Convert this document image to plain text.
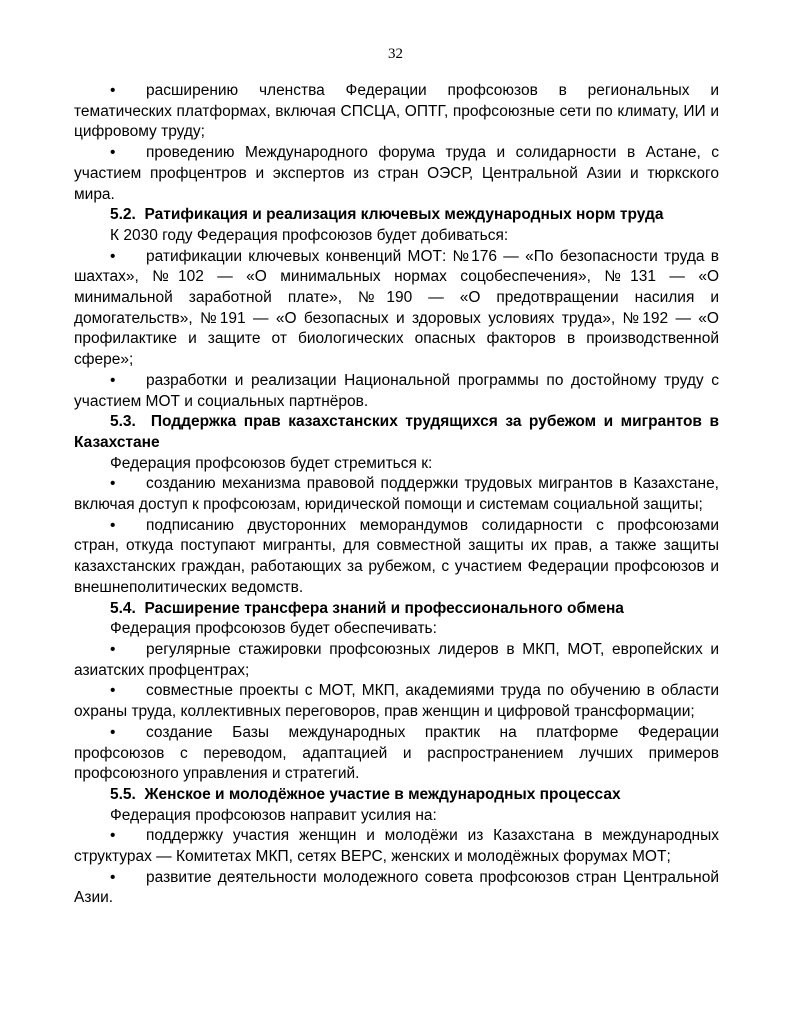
32

• расширению членства Федерации профсоюзов в региональных и тематических платформах, включая СПСЦА, ОПТГ, профсоюзные сети по климату, ИИ и цифровому труду;

• проведению Международного форума труда и солидарности в Астане, с участием профцентров и экспертов из стран ОЭСР, Центральной Азии и тюркского мира.

5.2. Ратификация и реализация ключевых международных норм труда

К 2030 году Федерация профсоюзов будет добиваться:

• ратификации ключевых конвенций МОТ: №176 — «По безопасности труда в шахтах», №102 — «О минимальных нормах соцобеспечения», №131 — «О минимальной заработной плате», №190 — «О предотвращении насилия и домогательств», №191 — «О безопасных и здоровых условиях труда», №192 — «О профилактике и защите от биологических опасных факторов в производственной сфере»;

• разработки и реализации Национальной программы по достойному труду с участием МОТ и социальных партнёров.

5.3. Поддержка прав казахстанских трудящихся за рубежом и мигрантов в Казахстане

Федерация профсоюзов будет стремиться к:

• созданию механизма правовой поддержки трудовых мигрантов в Казахстане, включая доступ к профсоюзам, юридической помощи и системам социальной защиты;

• подписанию двусторонних меморандумов солидарности с профсоюзами стран, откуда поступают мигранты, для совместной защиты их прав, а также защиты казахстанских граждан, работающих за рубежом, с участием Федерации профсоюзов и внешнеполитических ведомств.

5.4. Расширение трансфера знаний и профессионального обмена

Федерация профсоюзов будет обеспечивать:

• регулярные стажировки профсоюзных лидеров в МКП, МОТ, европейских и азиатских профцентрах;

• совместные проекты с МОТ, МКП, академиями труда по обучению в области охраны труда, коллективных переговоров, прав женщин и цифровой трансформации;

• создание Базы международных практик на платформе Федерации профсоюзов с переводом, адаптацией и распространением лучших примеров профсоюзного управления и стратегий.

5.5. Женское и молодёжное участие в международных процессах

Федерация профсоюзов направит усилия на:

• поддержку участия женщин и молодёжи из Казахстана в международных структурах — Комитетах МКП, сетях ВЕРС, женских и молодёжных форумах МОТ;

• развитие деятельности молодежного совета профсоюзов стран Центральной Азии.
